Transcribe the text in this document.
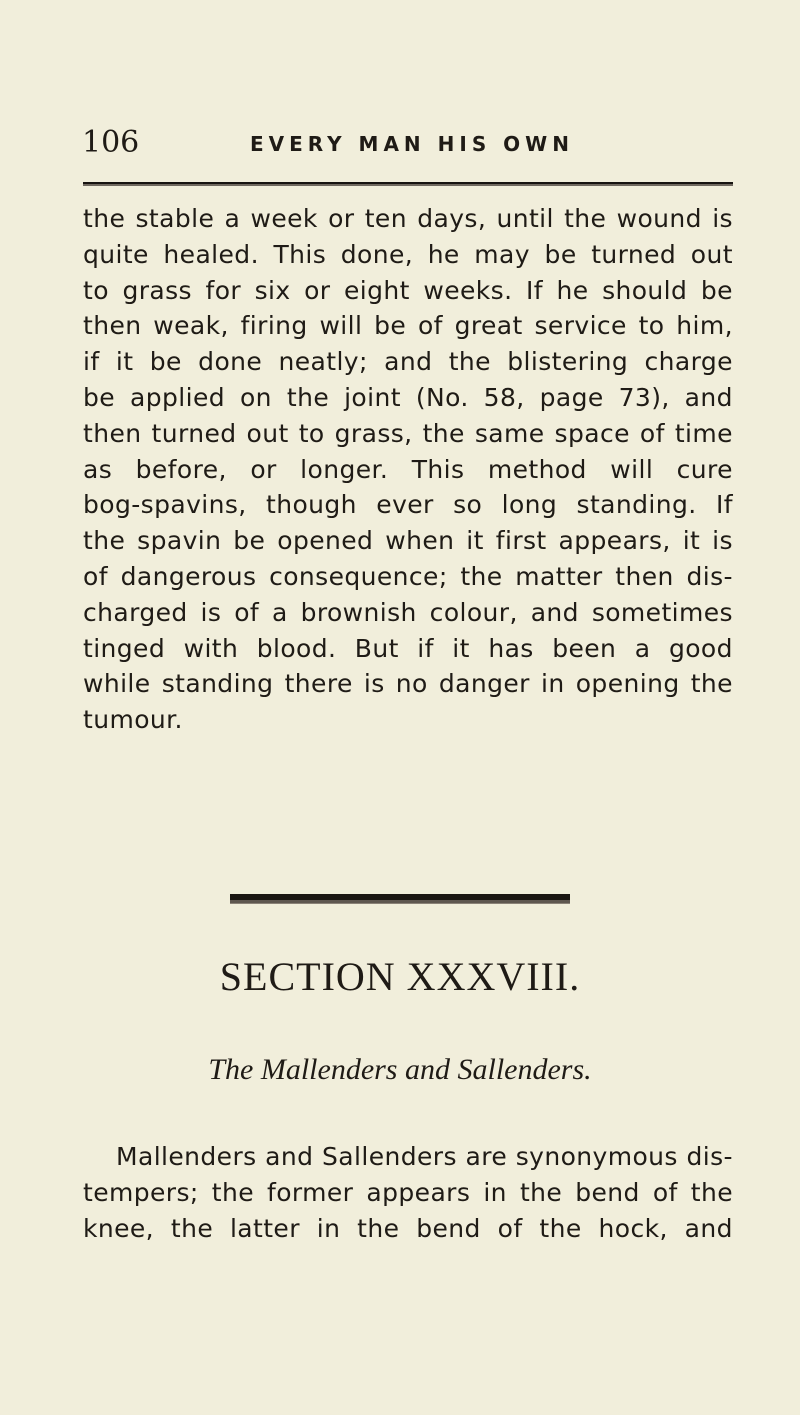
106	EVERY MAN HIS OWN
the stable a week or ten days, until the wound is
quite healed. This done, he may be turned out
to grass for six or eight weeks. If he should be
then weak, firing will be of great service to him,
if it be done neatly; and the blistering charge
be applied on the joint (No. 58, page 73), and
then turned out to grass, the same space of time
as before, or longer. This method will cure
bog-spavins, though ever so long standing. If
the spavin be opened when it first appears, it is
of dangerous consequence; the matter then dis-
charged is of a brownish colour, and sometimes
tinged with blood. But if it has been a good
while standing there is no danger in opening the
tumour.
SECTION XXXVIII.
The Mallenders and Sallenders.
Mallenders and Sallenders are synonymous dis-
tempers; the former appears in the bend of the
knee, the latter in the bend of the hock, and
